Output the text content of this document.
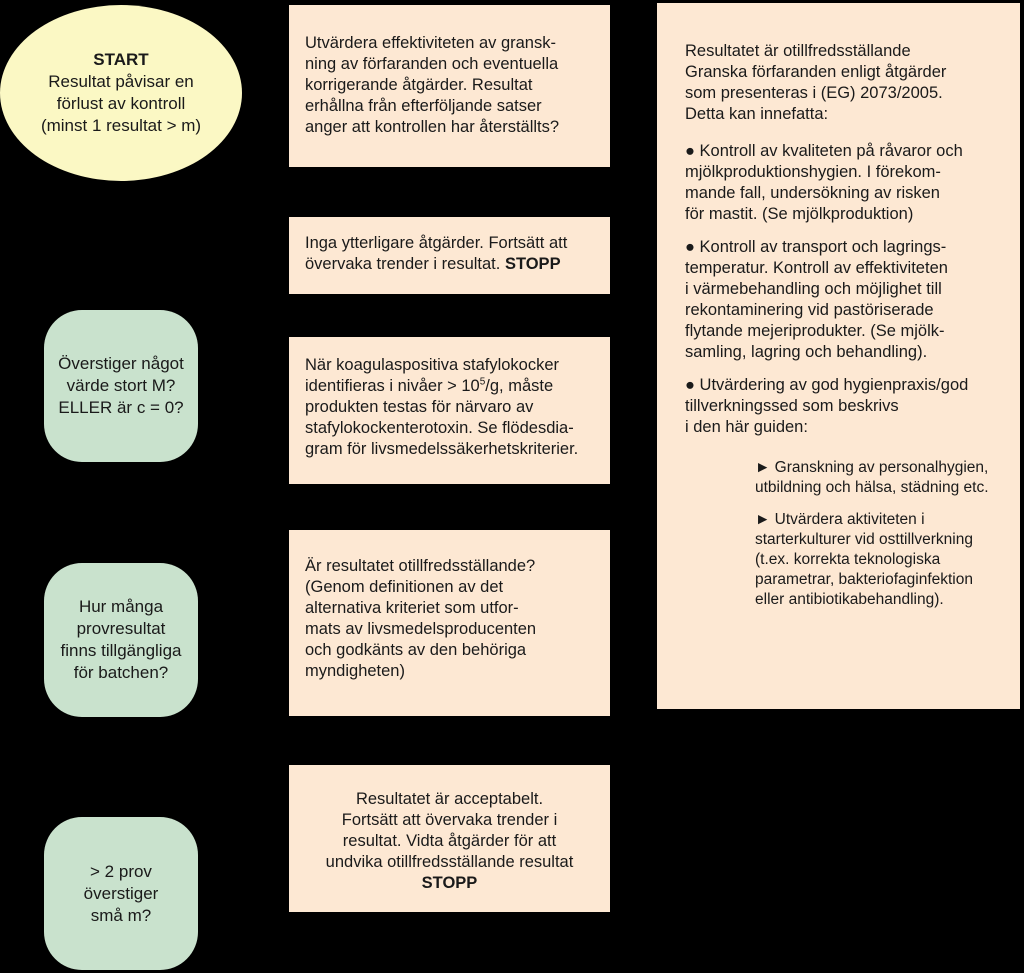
START
Resultat påvisar en
förlust av kontroll
(minst 1 resultat > m)
Överstiger något
värde stort M?
ELLER är c = 0?
Hur många
provresultat
finns tillgängliga
för batchen?
> 2 prov
överstiger
små m?
Utvärdera effektiviteten av gransk-
ning av förfaranden och eventuella
korrigerande åtgärder. Resultat
erhållna från efterföljande satser
anger att kontrollen har återställts?
Inga ytterligare åtgärder. Fortsätt att övervaka trender i resultat. STOPP
När koagulaspositiva stafylokocker
identifieras i nivåer > $10^5/g$, måste
produkten testas för närvaro av
stafylokockenterotoxin. Se flödesdia-
gram för livsmedelssäkerhetskriterier.
Är resultatet otillfredsställande?
(Genom definitionen av det
alternativa kriteriet som utfor-
mats av livsmedelsproducenten
och godkänts av den behöriga
myndigheten)
Resultatet är acceptabelt.
Fortsätt att övervaka trender i
resultat. Vidta åtgärder för att
undvika otillfredsställande resultat
STOPP
Resultatet är otillfredsställande
Granska förfaranden enligt åtgärder
som presenteras i (EG) 2073/2005.
Detta kan innefatta:
● Kontroll av kvaliteten på råvaror och
mjölkproduktionshygien. I förekom-
mande fall, undersökning av risken
för mastit. (Se mjölkproduktion)
● Kontroll av transport och lagrings-
temperatur. Kontroll av effektiviteten
i värmebehandling och möjlighet till
rekontaminering vid pastöriserade
flytande mejeriprodukter. (Se mjölk-
samling, lagring och behandling).
● Utvärdering av god hygienpraxis/god
tillverkningssed som beskrivs
i den här guiden:
► Granskning av personalhygien,
utbildning och hälsa, städning etc.
► Utvärdera aktiviteten i
starterkulturer vid osttillverkning
(t.ex. korrekta teknologiska
parametrar, bakteriofaginfektion
eller antibiotikabehandling).
